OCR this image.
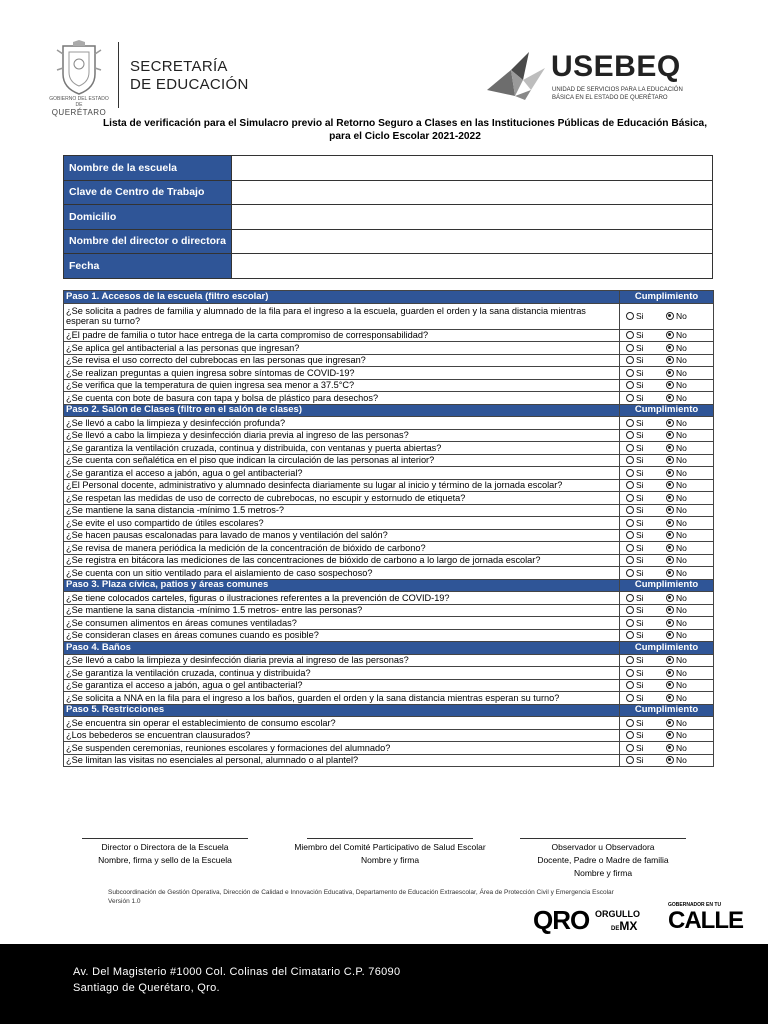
GOBIERNO DEL ESTADO DE
QUERÉTARO
SECRETARÍA
DE EDUCACIÓN
USEBEQ
UNIDAD DE SERVICIOS PARA LA EDUCACIÓN
BÁSICA EN EL ESTADO DE QUERÉTARO
Lista de verificación para el Simulacro previo al Retorno Seguro a Clases en las Instituciones Públicas de Educación Básica,
para el Ciclo Escolar 2021-2022
Nombre de la escuela	
Clave de Centro de Trabajo	
Domicilio	
Nombre del director o directora	
Fecha	
Paso 1. Accesos de la escuela (filtro escolar)	Cumplimiento
¿Se solicita a padres de familia y alumnado de la fila para el ingreso a la escuela, guarden el orden y la sana distancia mientras esperan su turno?	Si No
¿El padre de familia o tutor hace entrega de la carta compromiso de corresponsabilidad?	Si No
¿Se aplica gel antibacterial a las personas que ingresan?	Si No
¿Se revisa el uso correcto del cubrebocas en las personas que ingresan?	Si No
¿Se realizan preguntas a quien ingresa sobre síntomas de COVID-19?	Si No
¿Se verifica que la temperatura de quien ingresa sea menor a 37.5°C?	Si No
¿Se cuenta con bote de basura con tapa y bolsa de plástico para desechos?	Si No
Paso 2. Salón de Clases (filtro en el salón de clases)	Cumplimiento
¿Se llevó a cabo la limpieza y desinfección profunda?	Si No
¿Se llevó a cabo la limpieza y desinfección diaria previa al ingreso de las personas?	Si No
¿Se garantiza la ventilación cruzada, continua y distribuida, con ventanas y puerta abiertas?	Si No
¿Se cuenta con señalética en el piso que indican la circulación de las personas al interior?	Si No
¿Se garantiza el acceso a jabón, agua o gel antibacterial?	Si No
¿El Personal docente, administrativo y alumnado desinfecta diariamente su lugar al inicio y término de la jornada escolar?	Si No
¿Se respetan las medidas de uso de correcto de cubrebocas, no escupir y estornudo de etiqueta?	Si No
¿Se mantiene la sana distancia -mínimo 1.5 metros-?	Si No
¿Se evite el uso compartido de útiles escolares?	Si No
¿Se hacen pausas escalonadas para lavado de manos y ventilación del salón?	Si No
¿Se revisa de manera periódica la medición de la concentración de bióxido de carbono?	Si No
¿Se registra en bitácora las mediciones de las concentraciones de bióxido de carbono a lo largo de jornada escolar?	Si No
¿Se cuenta con un sitio ventilado para el aislamiento de caso sospechoso?	Si No
Paso 3. Plaza cívica, patios y áreas comunes	Cumplimiento
¿Se tiene colocados carteles, figuras o ilustraciones referentes a la prevención de COVID-19?	Si No
¿Se mantiene la sana distancia -mínimo 1.5 metros- entre las personas?	Si No
¿Se consumen alimentos en áreas comunes ventiladas?	Si No
¿Se consideran clases en áreas comunes cuando es posible?	Si No
Paso 4. Baños	Cumplimiento
¿Se llevó a cabo la limpieza y desinfección diaria previa al ingreso de las personas?	Si No
¿Se garantiza la ventilación cruzada, continua y distribuida?	Si No
¿Se garantiza el acceso a jabón, agua o gel antibacterial?	Si No
¿Se solicita a NNA en la fila para el ingreso a los baños, guarden el orden y la sana distancia mientras esperan su turno?	Si No
Paso 5. Restricciones	Cumplimiento
¿Se encuentra sin operar el establecimiento de consumo escolar?	Si No
¿Los bebederos se encuentran clausurados?	Si No
¿Se suspenden ceremonias, reuniones escolares y formaciones del alumnado?	Si No
¿Se limitan las visitas no esenciales al personal, alumnado o al plantel?	Si No
Director o Directora de la Escuela
Nombre, firma y sello de la Escuela
Miembro del Comité Participativo de Salud Escolar
Nombre y firma
Observador u Observadora
Docente, Padre o Madre de familia
Nombre y firma
Subcoordinación de Gestión Operativa, Dirección de Calidad e Innovación Educativa, Departamento de Educación Extraescolar, Área de Protección Civil y Emergencia Escolar
Versión 1.0
QRO ORGULLO
DEMX
GOBERNADOR EN TU
CALLE
Av. Del Magisterio #1000 Col. Colinas del Cimatario C.P. 76090
Santiago de Querétaro, Qro.
